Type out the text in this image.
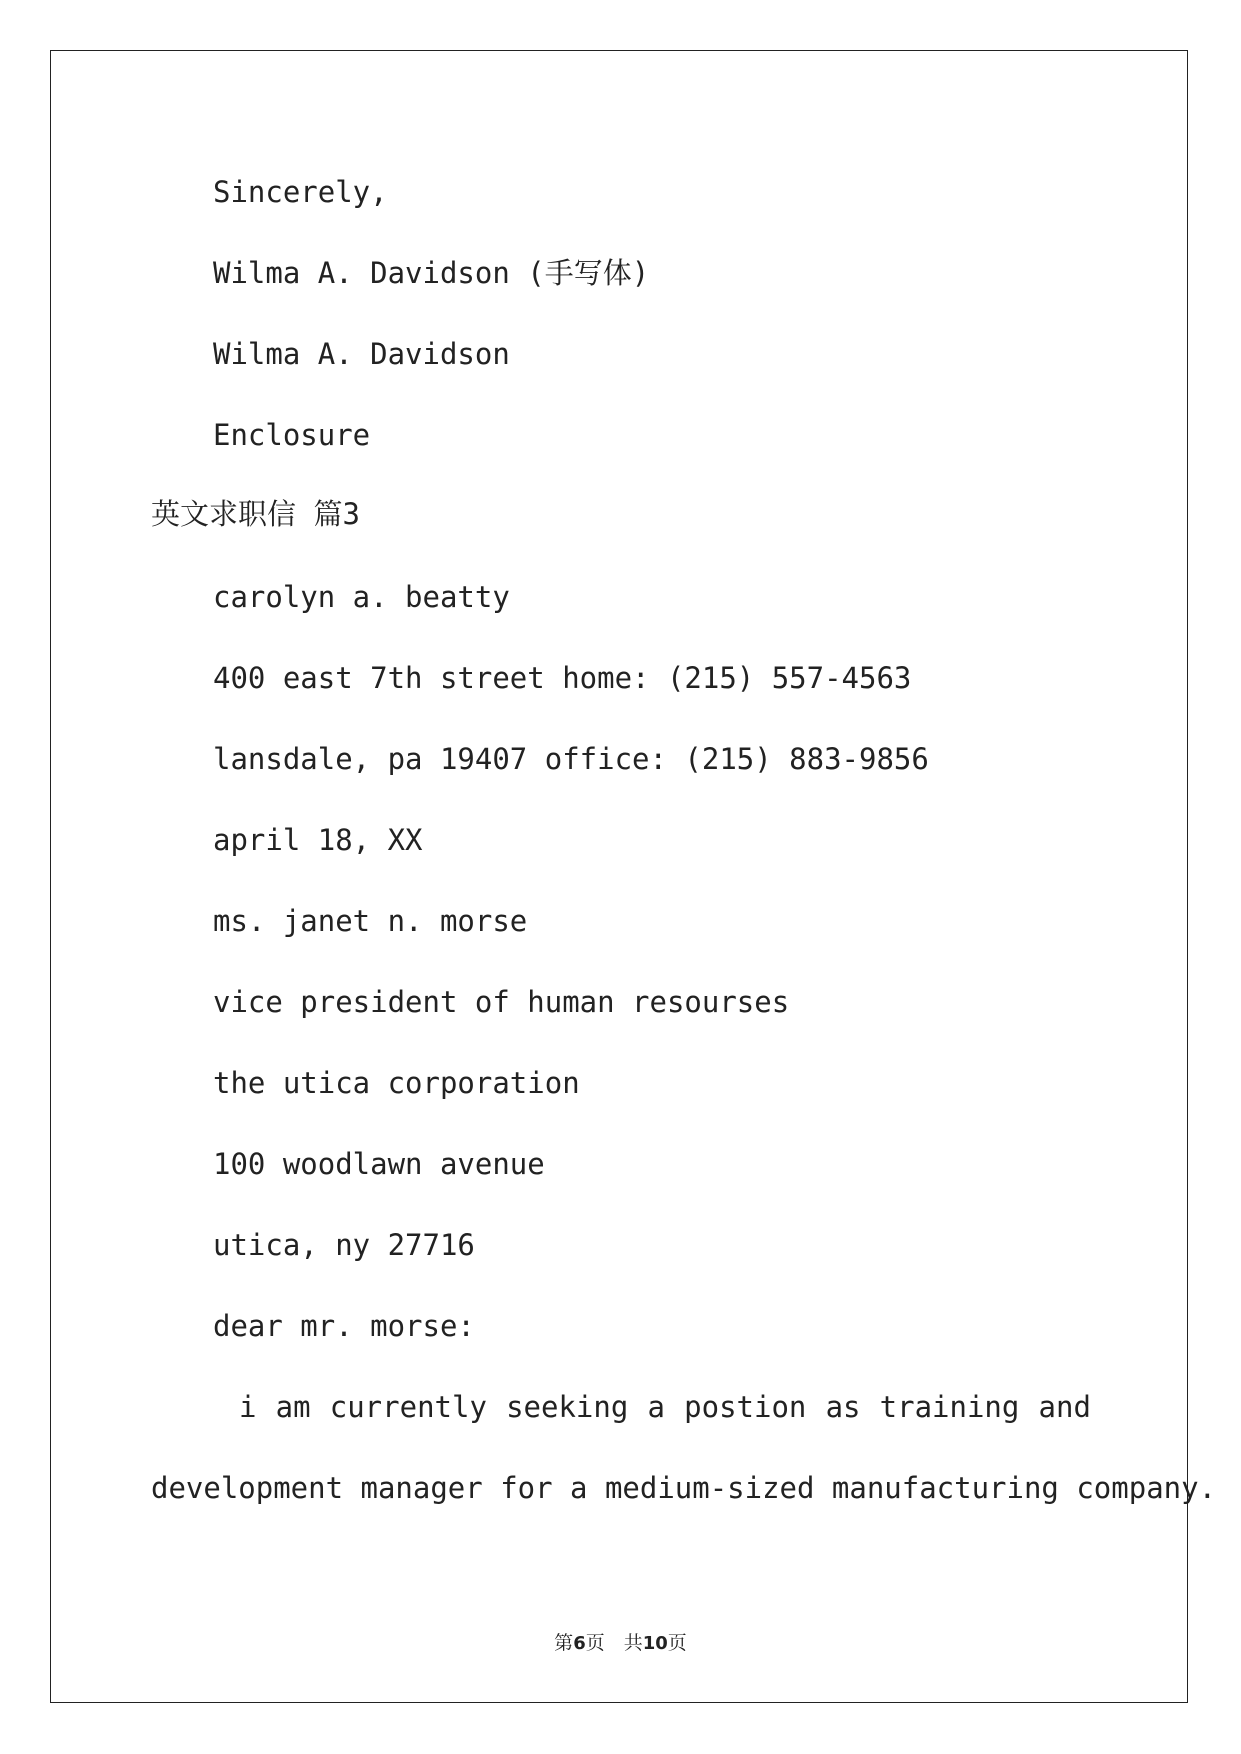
Sincerely,

Wilma A. Davidson (手写体)

Wilma A. Davidson

Enclosure

英文求职信 篇3

carolyn a. beatty

400 east 7th street home: (215) 557-4563

lansdale, pa 19407 office: (215) 883-9856

april 18, XX

ms. janet n. morse

vice president of human resourses

the utica corporation

100 woodlawn avenue

utica, ny 27716

dear mr. morse:

i am currently seeking a postion as training and

development manager for a medium-sized manufacturing company.

第6页　共10页
